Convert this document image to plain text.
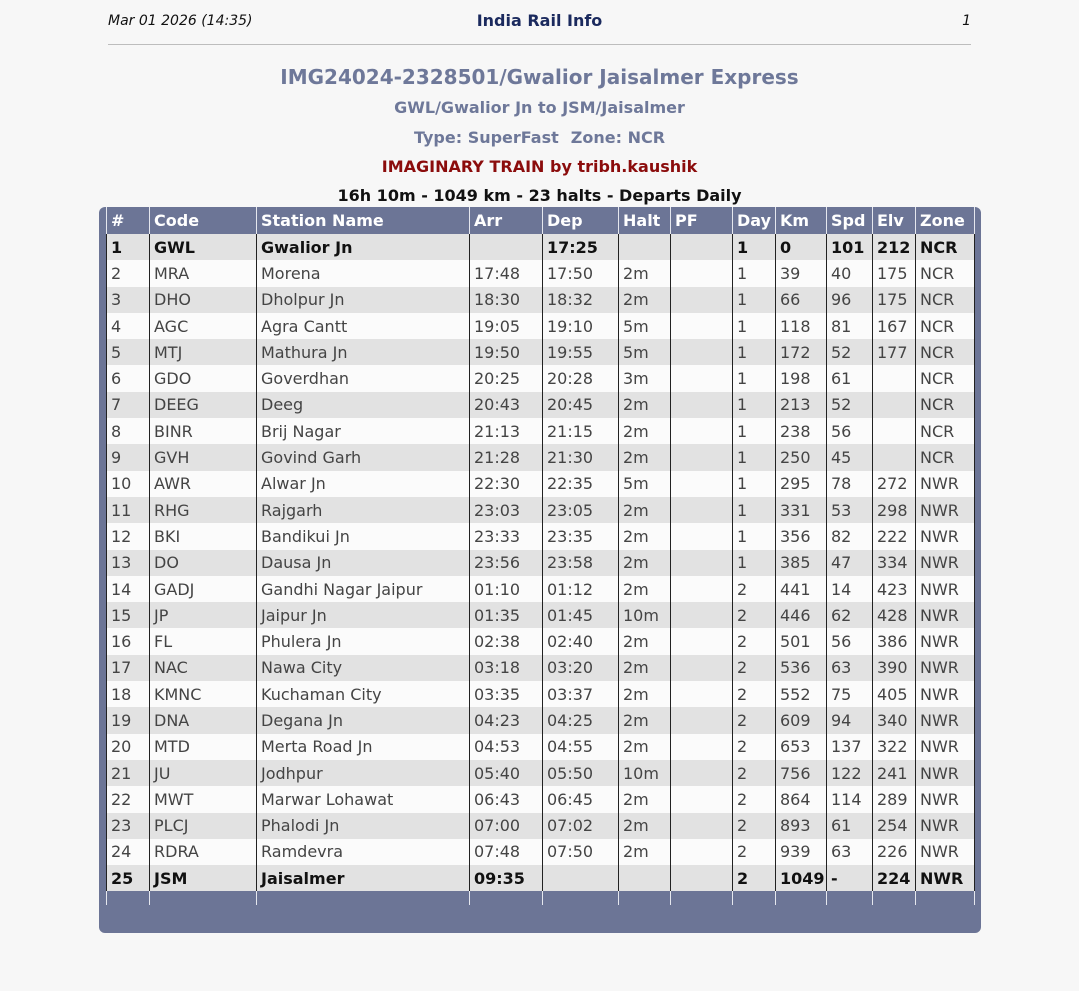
Mar 01 2026 (14:35)	India Rail Info	1
IMG24024-2328501/Gwalior Jaisalmer Express
GWL/Gwalior Jn to JSM/Jaisalmer
Type: SuperFast Zone: NCR
IMAGINARY TRAIN by tribh.kaushik
16h 10m - 1049 km - 23 halts - Departs Daily
#	Code	Station Name	Arr	Dep	Halt	PF	Day	Km	Spd	Elv	Zone
1	GWL	Gwalior Jn		17:25			1	0	101	212	NCR
2	MRA	Morena	17:48	17:50	2m		1	39	40	175	NCR
3	DHO	Dholpur Jn	18:30	18:32	2m		1	66	96	175	NCR
4	AGC	Agra Cantt	19:05	19:10	5m		1	118	81	167	NCR
5	MTJ	Mathura Jn	19:50	19:55	5m		1	172	52	177	NCR
6	GDO	Goverdhan	20:25	20:28	3m		1	198	61		NCR
7	DEEG	Deeg	20:43	20:45	2m		1	213	52		NCR
8	BINR	Brij Nagar	21:13	21:15	2m		1	238	56		NCR
9	GVH	Govind Garh	21:28	21:30	2m		1	250	45		NCR
10	AWR	Alwar Jn	22:30	22:35	5m		1	295	78	272	NWR
11	RHG	Rajgarh	23:03	23:05	2m		1	331	53	298	NWR
12	BKI	Bandikui Jn	23:33	23:35	2m		1	356	82	222	NWR
13	DO	Dausa Jn	23:56	23:58	2m		1	385	47	334	NWR
14	GADJ	Gandhi Nagar Jaipur	01:10	01:12	2m		2	441	14	423	NWR
15	JP	Jaipur Jn	01:35	01:45	10m		2	446	62	428	NWR
16	FL	Phulera Jn	02:38	02:40	2m		2	501	56	386	NWR
17	NAC	Nawa City	03:18	03:20	2m		2	536	63	390	NWR
18	KMNC	Kuchaman City	03:35	03:37	2m		2	552	75	405	NWR
19	DNA	Degana Jn	04:23	04:25	2m		2	609	94	340	NWR
20	MTD	Merta Road Jn	04:53	04:55	2m		2	653	137	322	NWR
21	JU	Jodhpur	05:40	05:50	10m		2	756	122	241	NWR
22	MWT	Marwar Lohawat	06:43	06:45	2m		2	864	114	289	NWR
23	PLCJ	Phalodi Jn	07:00	07:02	2m		2	893	61	254	NWR
24	RDRA	Ramdevra	07:48	07:50	2m		2	939	63	226	NWR
25	JSM	Jaisalmer	09:35				2	1049	-	224	NWR
